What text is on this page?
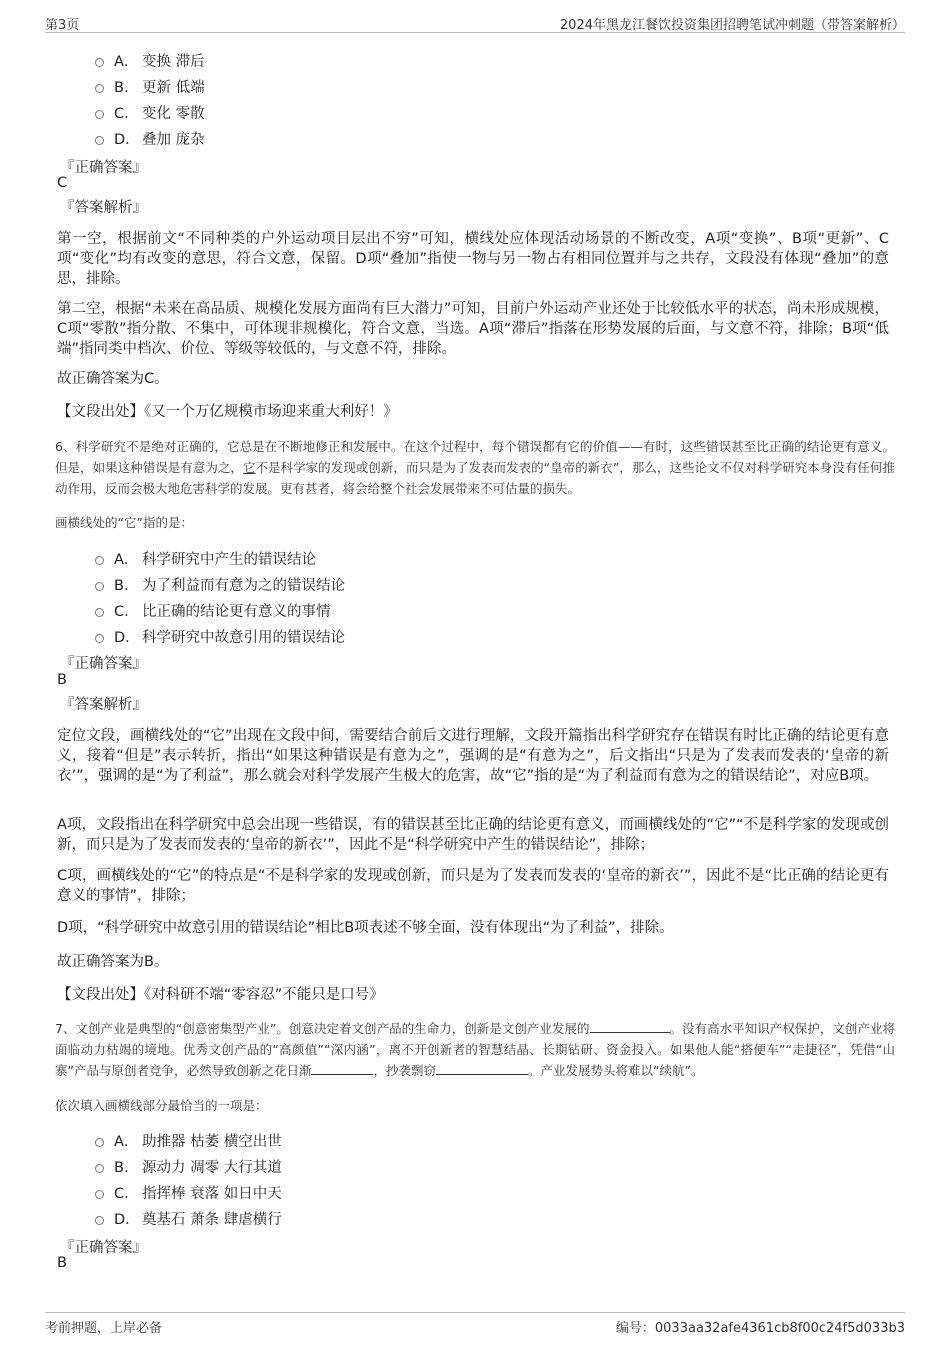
第3页	2024年黑龙江餐饮投资集团招聘笔试冲刺题（带答案解析）
A． 变换 滞后
B． 更新 低端
C． 变化 零散
D． 叠加 庞杂
『正确答案』
C
『答案解析』
第一空，根据前文“不同种类的户外运动项目层出不穷”可知，横线处应体现活动场景的不断改变，A项“变换”、B项“更新”、C项“变化”均有改变的意思，符合文意，保留。D项“叠加”指使一物与另一物占有相同位置并与之共存，文段没有体现“叠加”的意思，排除。
第二空，根据“未来在高品质、规模化发展方面尚有巨大潜力”可知，目前户外运动产业还处于比较低水平的状态，尚未形成规模，C项“零散”指分散、不集中，可体现非规模化，符合文意，当选。A项“滞后”指落在形势发展的后面，与文意不符，排除；B项“低端”指同类中档次、价位、等级等较低的，与文意不符，排除。
故正确答案为C。
【文段出处】《又一个万亿规模市场迎来重大利好！》
6、科学研究不是绝对正确的，它总是在不断地修正和发展中。在这个过程中，每个错误都有它的价值——有时，这些错误甚至比正确的结论更有意义。但是，如果这种错误是有意为之，它不是科学家的发现或创新，而只是为了发表而发表的“皇帝的新衣”，那么，这些论文不仅对科学研究本身没有任何推动作用，反而会极大地危害科学的发展。更有甚者，将会给整个社会发展带来不可估量的损失。
画横线处的“它”指的是：
A． 科学研究中产生的错误结论
B． 为了利益而有意为之的错误结论
C． 比正确的结论更有意义的事情
D． 科学研究中故意引用的错误结论
『正确答案』
B
『答案解析』
定位文段，画横线处的“它”出现在文段中间，需要结合前后文进行理解，文段开篇指出科学研究存在错误有时比正确的结论更有意义，接着“但是”表示转折，指出“如果这种错误是有意为之”，强调的是“有意为之”，后文指出“只是为了发表而发表的‘皇帝的新衣’”，强调的是“为了利益”，那么就会对科学发展产生极大的危害，故“它”指的是“为了利益而有意为之的错误结论”，对应B项。
A项，文段指出在科学研究中总会出现一些错误，有的错误甚至比正确的结论更有意义，而画横线处的“它”“不是科学家的发现或创新，而只是为了发表而发表的‘皇帝的新衣’”，因此不是“科学研究中产生的错误结论”，排除；
C项，画横线处的“它”的特点是“不是科学家的发现或创新，而只是为了发表而发表的‘皇帝的新衣’”，因此不是“比正确的结论更有意义的事情”，排除；
D项，“科学研究中故意引用的错误结论”相比B项表述不够全面，没有体现出“为了利益”，排除。
故正确答案为B。
【文段出处】《对科研不端“零容忍”不能只是口号》
7、文创产业是典型的“创意密集型产业”。创意决定着文创产品的生命力，创新是文创产业发展的	。没有高水平知识产权保护，文创产业将面临动力枯竭的境地。优秀文创产品的“高颜值”“深内涵”，离不开创新者的智慧结晶、长期钻研、资金投入。如果他人能“搭便车”“走捷径”，凭借“山寨”产品与原创者竞争，必然导致创新之花日渐	，抄袭剽窃	。产业发展势头将难以“续航”。
依次填入画横线部分最恰当的一项是：
A． 助推器 枯萎 横空出世
B． 源动力 凋零 大行其道
C． 指挥棒 衰落 如日中天
D． 奠基石 萧条 肆虐横行
『正确答案』
B
考前押题，上岸必备	编号：0033aa32afe4361cb8f00c24f5d033b3
